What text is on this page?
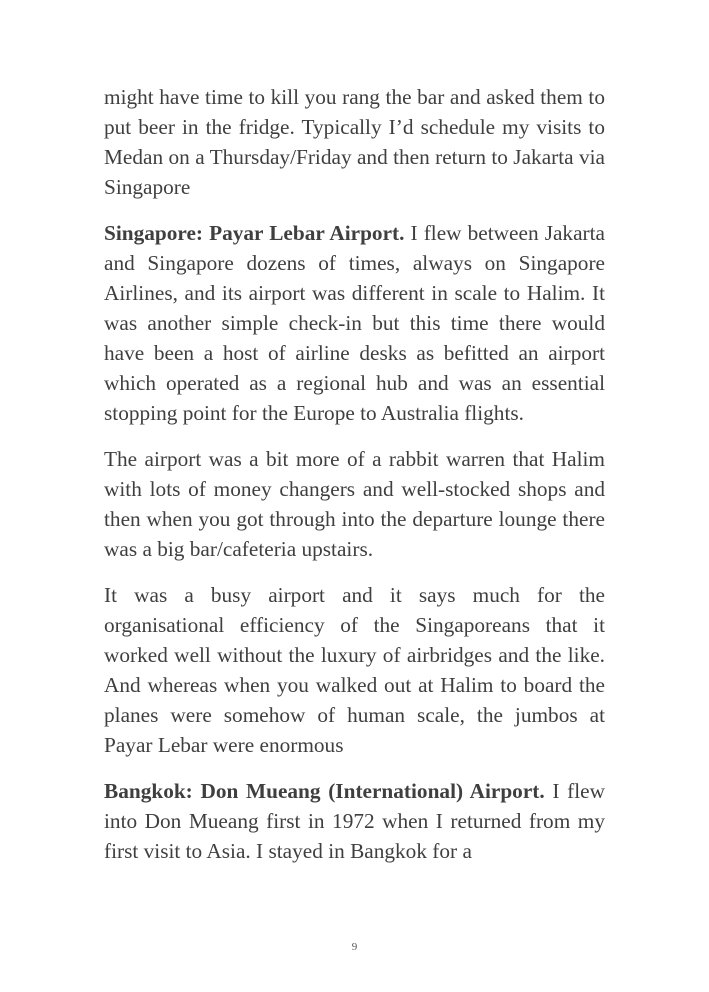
might have time to kill you rang the bar and asked them to put beer in the fridge. Typically I’d schedule my visits to Medan on a Thursday/Friday and then return to Jakarta via Singapore

Singapore: Payar Lebar Airport. I flew between Jakarta and Singapore dozens of times, always on Singapore Airlines, and its airport was different in scale to Halim. It was another simple check-in but this time there would have been a host of airline desks as befitted an airport which operated as a regional hub and was an essential stopping point for the Europe to Australia flights.

The airport was a bit more of a rabbit warren that Halim with lots of money changers and well-stocked shops and then when you got through into the departure lounge there was a big bar/cafeteria upstairs.

It was a busy airport and it says much for the organisational efficiency of the Singaporeans that it worked well without the luxury of airbridges and the like. And whereas when you walked out at Halim to board the planes were somehow of human scale, the jumbos at Payar Lebar were enormous

Bangkok: Don Mueang (International) Airport. I flew into Don Mueang first in 1972 when I returned from my first visit to Asia. I stayed in Bangkok for a

9
